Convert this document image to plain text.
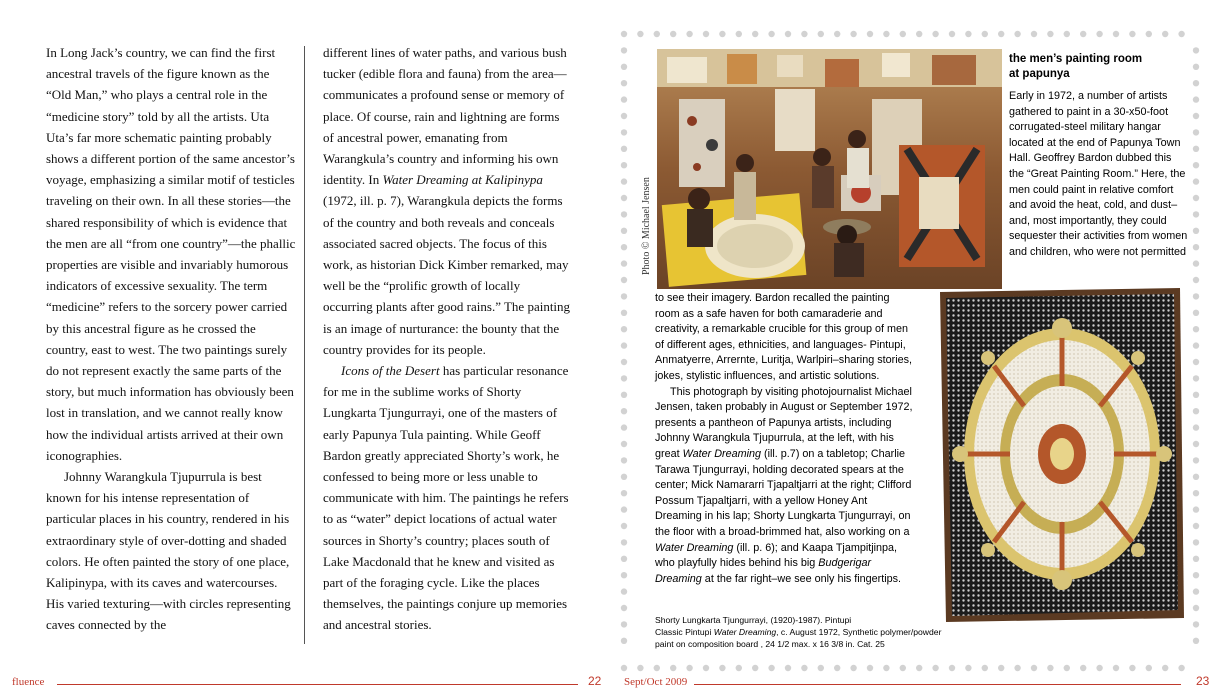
In Long Jack’s country, we can find the first ancestral travels of the figure known as the “Old Man,” who plays a central role in the “medicine story” told by all the artists. Uta Uta’s far more schematic painting probably shows a different portion of the same ancestor’s voyage, emphasizing a similar motif of testicles traveling on their own. In all these stories—the shared responsibility of which is evidence that the men are all “from one country”—the phallic properties are visible and invariably humorous indicators of excessive sexuality. The term “medicine” refers to the sorcery power carried by this ancestral figure as he crossed the country, east to west. The two paintings surely do not represent exactly the same parts of the story, but much information has obviously been lost in translation, and we cannot really know how the individual artists arrived at their own iconographies.

Johnny Warangkula Tjupurrula is best known for his intense representation of particular places in his country, rendered in his extraordinary style of over-dotting and shaded colors. He often painted the story of one place, Kalipinypa, with its caves and watercourses. His varied texturing—with circles representing caves connected by the

different lines of water paths, and various bush tucker (edible flora and fauna) from the area—communicates a profound sense or memory of place. Of course, rain and lightning are forms of ancestral power, emanating from Warangkula’s country and informing his own identity. In Water Dreaming at Kalipinypa (1972, ill. p. 7), Warangkula depicts the forms of the country and both reveals and conceals associated sacred objects. The focus of this work, as historian Dick Kimber remarked, may well be the “prolific growth of locally occurring plants after good rains.” The painting is an image of nurturance: the bounty that the country provides for its people.

Icons of the Desert has particular resonance for me in the sublime works of Shorty Lungkarta Tjungurrayi, one of the masters of early Papunya Tula painting. While Geoff Bardon greatly appreciated Shorty’s work, he confessed to being more or less unable to communicate with him. The paintings he refers to as “water” depict locations of actual water sources in Shorty’s country; places south of Lake Macdonald that he knew and visited as part of the foraging cycle. Like the places themselves, the paintings conjure up memories and ancestral stories.

Photo © Michael Jensen
the men’s painting room
at papunya

Early in 1972, a number of artists gathered to paint in a 30-x50-foot corrugated-steel military hangar located at the end of Papunya Town Hall. Geoffrey Bardon dubbed this the “Great Painting Room.” Here, the men could paint in relative comfort and avoid the heat, cold, and dust–and, most importantly, they could sequester their activities from women and children, who were not permitted

to see their imagery. Bardon recalled the painting room as a safe haven for both camaraderie and creativity, a remarkable crucible for this group of men of different ages, ethnicities, and languages- Pintupi, Anmatyerre, Arrernte, Luritja, Warlpiri–sharing stories, jokes, stylistic influences, and artistic solutions.

This photograph by visiting photojournalist Michael Jensen, taken probably in August or September 1972, presents a pantheon of Papunya artists, including Johnny Warangkula Tjupurrula, at the left, with his great Water Dreaming (ill. p.7) on a tabletop; Charlie Tarawa Tjungurrayi, holding decorated spears at the center; Mick Namararri Tjapaltjarri at the right; Clifford Possum Tjapaltjarri, with a yellow Honey Ant Dreaming in his lap; Shorty Lungkarta Tjungurrayi, on the floor with a broad-brimmed hat, also working on a Water Dreaming (ill. p. 6); and Kaapa Tjampitjinpa, who playfully hides behind his big Budgerigar Dreaming at the far right–we see only his fingertips.

Shorty Lungkarta Tjungurrayi, (1920)-1987). Pintupi
Classic Pintupi Water Dreaming, c. August 1972, Synthetic polymer/powder
paint on composition board , 24 1/2 max. x 16 3/8 in. Cat. 25
fluence	22 Sept/Oct 2009	23
